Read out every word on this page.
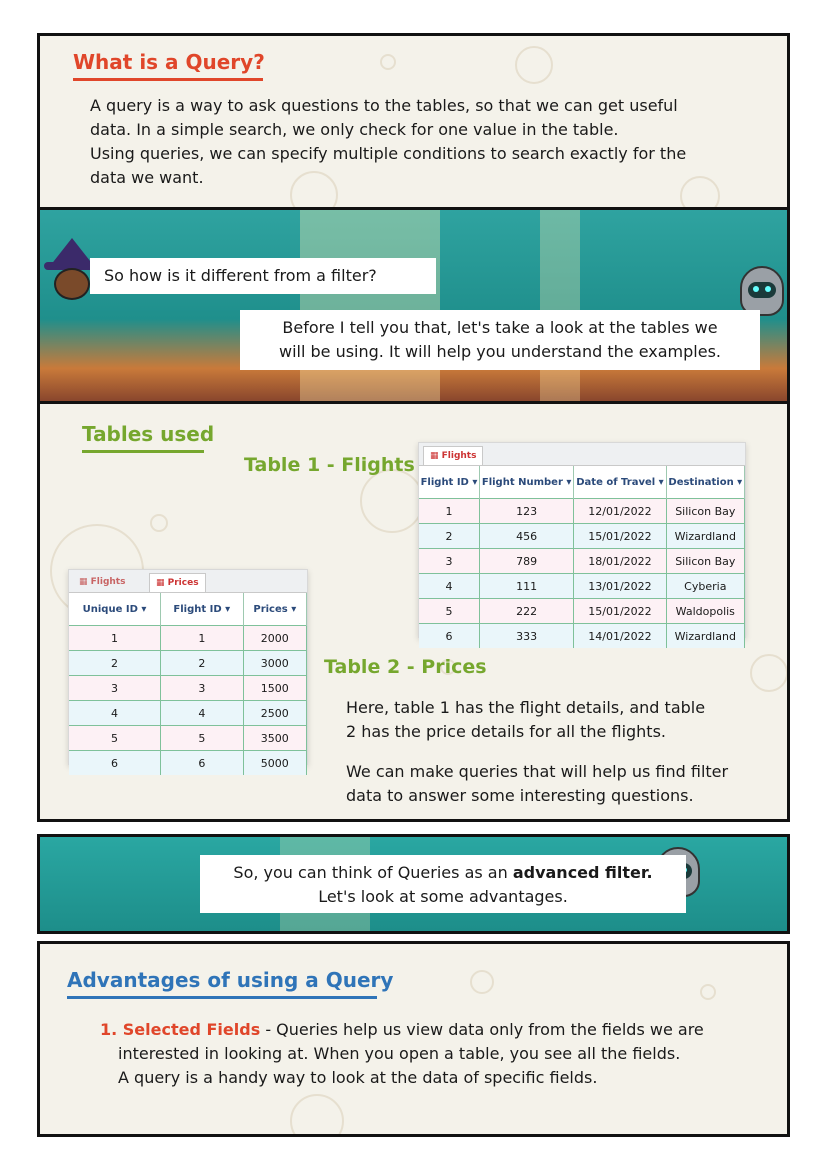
What is a Query?
A query is a way to ask questions to the tables, so that we can get useful
data. In a simple search, we only check for one value in the table.
Using queries, we can specify multiple conditions to search exactly for the
data we want.
So how is it different from a filter?
Before I tell you that, let's take a look at the tables we
will be using. It will help you understand the examples.
Tables used
Table 1 - Flights	▦ Flights
Flight ID ▾	Flight Number ▾	Date of Travel ▾	Destination ▾
1	123	12/01/2022	Silicon Bay
2	456	15/01/2022	Wizardland
3	789	18/01/2022	Silicon Bay
4	111	13/01/2022	Cyberia
5	222	15/01/2022	Waldopolis
6	333	14/01/2022	Wizardland
▦ Flights	▦ Prices
Unique ID ▾	Flight ID ▾	Prices ▾
1	1	2000
2	2	3000
3	3	1500
4	4	2500
5	5	3500
6	6	5000
Table 2 - Prices
Here, table 1 has the flight details, and table
2 has the price details for all the flights.
We can make queries that will help us find filter
data to answer some interesting questions.
So, you can think of Queries as an advanced filter.
Let's look at some advantages.
Advantages of using a Query
1. Selected Fields - Queries help us view data only from the fields we are
interested in looking at. When you open a table, you see all the fields.
A query is a handy way to look at the data of specific fields.
